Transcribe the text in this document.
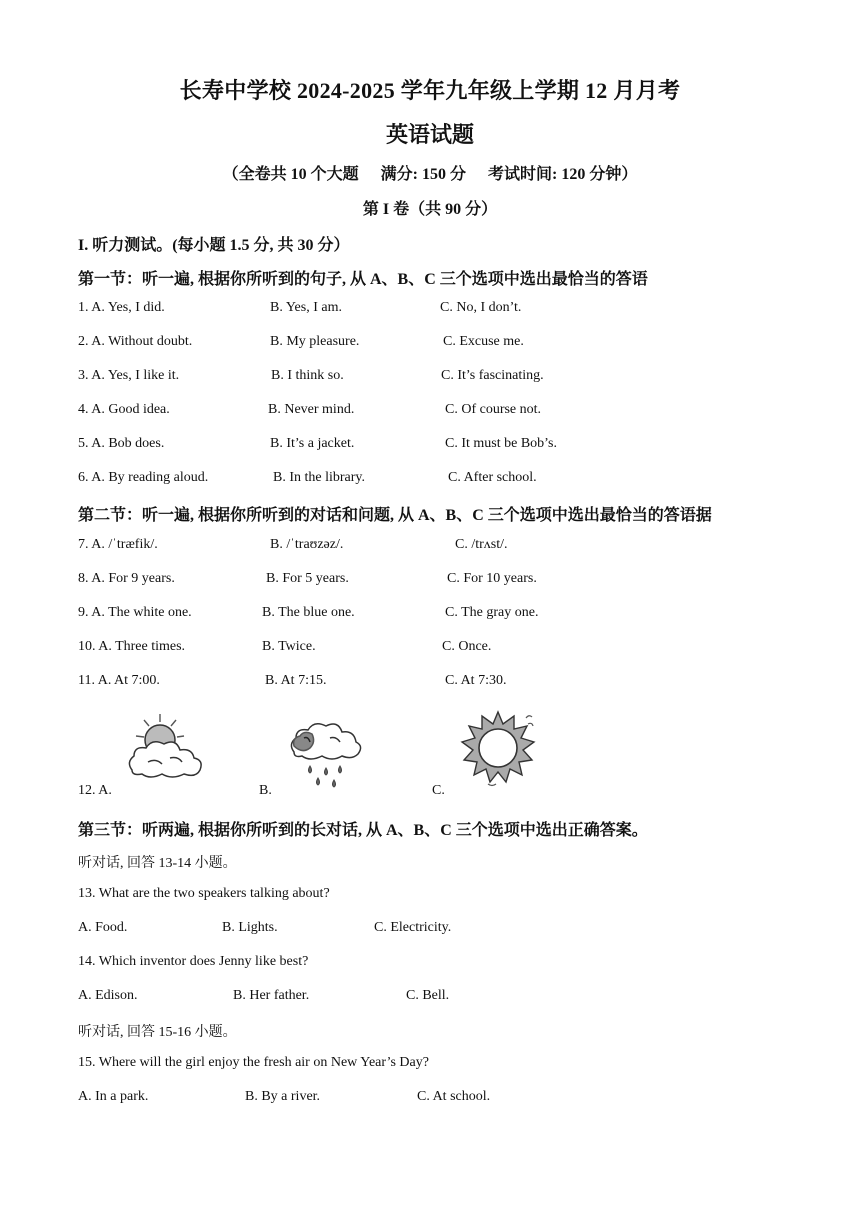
长寿中学校 2024-2025 学年九年级上学期 12 月月考
英语试题
（全卷共 10 个大题 满分: 150 分 考试时间: 120 分钟）
第 I 卷（共 90 分）
I. 听力测试。(每小题 1.5 分, 共 30 分）
第一节：听一遍, 根据你所听到的句子, 从 A、B、C 三个选项中选出最恰当的答语
1. A. Yes, I did.	B. Yes, I am.	C. No, I don’t.
2. A. Without doubt.	B. My pleasure.	C. Excuse me.
3. A. Yes, I like it.	B. I think so.	C. It’s fascinating.
4. A. Good idea.	B. Never mind.	C. Of course not.
5. A. Bob does.	B. It’s a jacket.	C. It must be Bob’s.
6. A. By reading aloud.	B. In the library.	C. After school.
第二节：听一遍, 根据你所听到的对话和问题, 从 A、B、C 三个选项中选出最恰当的答语据
7. A. /ˈtræfik/.	B. /ˈtraʊzəz/.	C. /trʌst/.
8. A. For 9 years.	B. For 5 years.	C. For 10 years.
9. A. The white one.	B. The blue one.	C. The gray one.
10. A. Three times.	B. Twice.	C. Once.
11. A. At 7:00.	B. At 7:15.	C. At 7:30.
12. A.	B.	C.
第三节：听两遍, 根据你所听到的长对话, 从 A、B、C 三个选项中选出正确答案。
听对话, 回答 13-14 小题。
13. What are the two speakers talking about?
A. Food.	B. Lights.	C. Electricity.
14. Which inventor does Jenny like best?
A. Edison.	B. Her father.	C. Bell.
听对话, 回答 15-16 小题。
15. Where will the girl enjoy the fresh air on New Year’s Day?
A. In a park.	B. By a river.	C. At school.
